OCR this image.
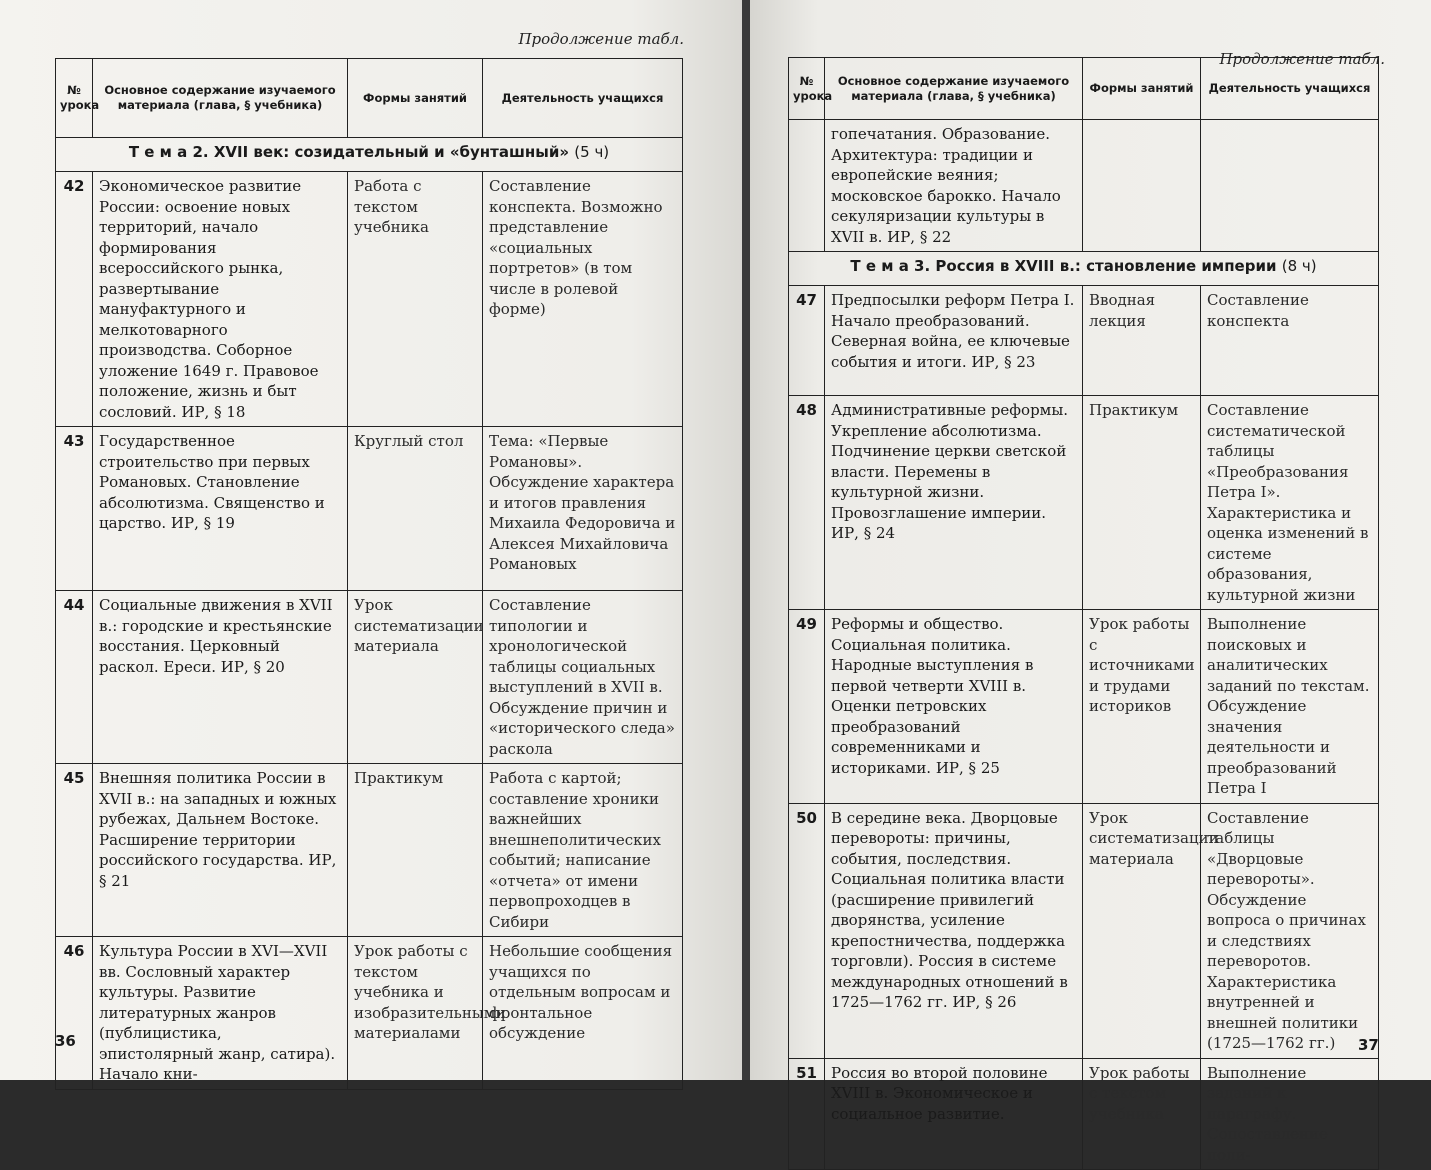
Продолжение табл.
№ урока	Основное содержание изучаемого материала (глава, § учебника)	Формы занятий	Деятельность учащихся
Т е м а 2. XVII век: созидательный и «бунташный» (5 ч)			
42	Экономическое развитие России: освоение новых территорий, начало формирования всероссийского рынка, развертывание мануфактурного и мелкотоварного производства. Соборное уложение 1649 г. Правовое положение, жизнь и быт сословий. ИР, § 18	Работа с текстом учебника	Составление конспекта. Возможно представление «социальных портретов» (в том числе в ролевой форме)
43	Государственное строительство при первых Романовых. Становление абсолютизма. Священство и царство. ИР, § 19	Круглый стол	Тема: «Первые Романовы». Обсуждение характера и итогов правления Михаила Федоровича и Алексея Михайловича Романовых
44	Социальные движения в XVII в.: городские и крестьянские восстания. Церковный раскол. Ереси. ИР, § 20	Урок систематизации материала	Составление типологии и хронологической таблицы социальных выступлений в XVII в. Обсуждение причин и «исторического следа» раскола
45	Внешняя политика России в XVII в.: на западных и южных рубежах, Дальнем Востоке. Расширение территории российского государства. ИР, § 21	Практикум	Работа с картой; составление хроники важнейших внешнеполитических событий; написание «отчета» от имени первопроходцев в Сибири
46	Культура России в XVI—XVII вв. Сословный характер культуры. Развитие литературных жанров (публицистика, эпистолярный жанр, сатира). Начало кни-	Урок работы с текстом учебника и изобразительными материалами	Небольшие сообщения учащихся по отдельным вопросам и фронтальное обсуждение
36
Продолжение табл.
№ урока	Основное содержание изучаемого материала (глава, § учебника)	Формы занятий	Деятельность учащихся
	гопечатания. Образование. Архитектура: традиции и европейские веяния; московское барокко. Начало секуляризации культуры в XVII в. ИР, § 22		
Т е м а 3. Россия в XVIII в.: становление империи (8 ч)			
47	Предпосылки реформ Петра I. Начало преобразований. Северная война, ее ключевые события и итоги. ИР, § 23	Вводная лекция	Составление конспекта
48	Административные реформы. Укрепление абсолютизма. Подчинение церкви светской власти. Перемены в культурной жизни. Провозглашение империи. ИР, § 24	Практикум	Составление систематической таблицы «Преобразования Петра I». Характеристика и оценка изменений в системе образования, культурной жизни
49	Реформы и общество. Социальная политика. Народные выступления в первой четверти XVIII в. Оценки петровских преобразований современниками и историками. ИР, § 25	Урок работы с источниками и трудами историков	Выполнение поисковых и аналитических заданий по текстам. Обсуждение значения деятельности и преобразований Петра I
50	В середине века. Дворцовые перевороты: причины, события, последствия. Социальная политика власти (расширение привилегий дворянства, усиление крепостничества, поддержка торговли). Россия в системе международных отношений в 1725—1762 гг. ИР, § 26	Урок систематизации материала	Составление таблицы «Дворцовые перевороты». Обсуждение вопроса о причинах и следствиях переворотов. Характеристика внутренней и внешней политики (1725—1762 гг.)
51	Россия во второй половине XVIII в. Экономическое и социальное развитие.	Урок работы с текстом учебника	Выполнение заданий к параграфу. Сопоставление поли-
37
